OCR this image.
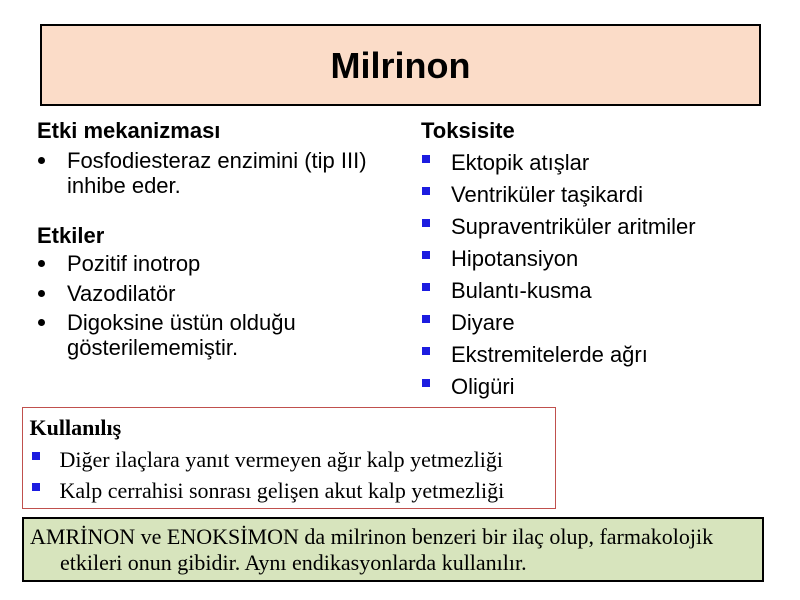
Milrinon
Etki mekanizması
Fosfodiesteraz enzimini (tip III) inhibe eder.
Etkiler
Pozitif inotrop
Vazodilatör
Digoksine üstün olduğu gösterilememiştir.
Toksisite
Ektopik atışlar
Ventriküler taşikardi
Supraventriküler aritmiler
Hipotansiyon
Bulantı-kusma
Diyare
Ekstremitelerde ağrı
Oligüri
Kullanılış
Diğer ilaçlara yanıt vermeyen ağır kalp yetmezliği
Kalp cerrahisi sonrası gelişen akut kalp yetmezliği

AMRİNON ve ENOKSİMON da milrinon benzeri bir ilaç olup, farmakolojik etkileri onun gibidir. Aynı endikasyonlarda kullanılır.
